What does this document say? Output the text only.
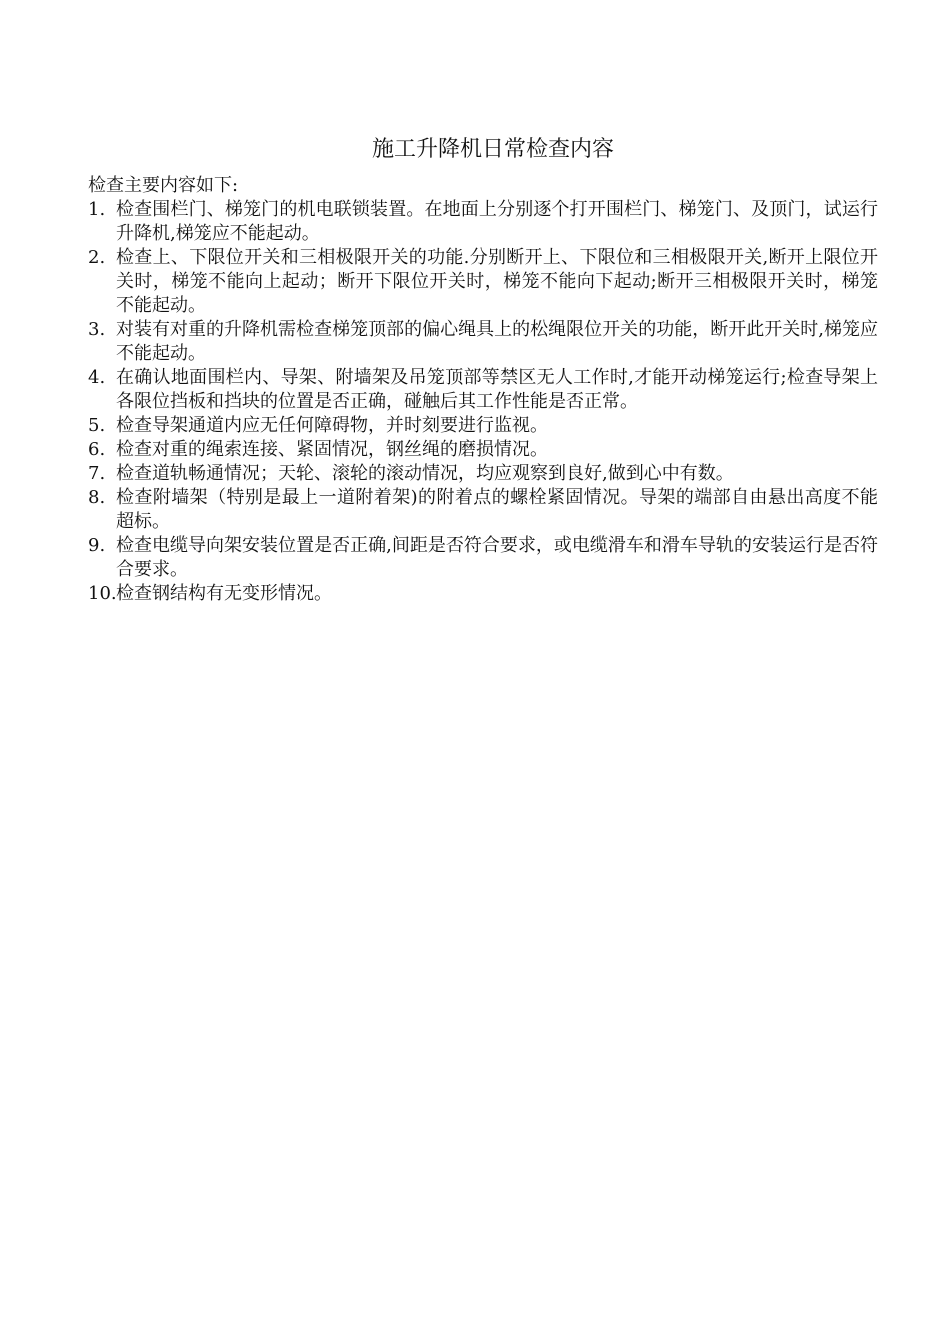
施工升降机日常检查内容

检查主要内容如下:

1. 检查围栏门、梯笼门的机电联锁装置。在地面上分别逐个打开围栏门、梯笼门、及顶门，试运行升降机,梯笼应不能起动。
2. 检查上、下限位开关和三相极限开关的功能.分别断开上、下限位和三相极限开关,断开上限位开关时，梯笼不能向上起动；断开下限位开关时，梯笼不能向下起动;断开三相极限开关时，梯笼不能起动。
3. 对装有对重的升降机需检查梯笼顶部的偏心绳具上的松绳限位开关的功能，断开此开关时,梯笼应不能起动。
4. 在确认地面围栏内、导架、附墙架及吊笼顶部等禁区无人工作时,才能开动梯笼运行;检查导架上各限位挡板和挡块的位置是否正确，碰触后其工作性能是否正常。
5. 检查导架通道内应无任何障碍物，并时刻要进行监视。
6. 检查对重的绳索连接、紧固情况，钢丝绳的磨损情况。
7. 检查道轨畅通情况；天轮、滚轮的滚动情况，均应观察到良好,做到心中有数。
8. 检查附墙架（特别是最上一道附着架)的附着点的螺栓紧固情况。导架的端部自由悬出高度不能超标。
9. 检查电缆导向架安装位置是否正确,间距是否符合要求，或电缆滑车和滑车导轨的安装运行是否符合要求。
10. 检查钢结构有无变形情况。
